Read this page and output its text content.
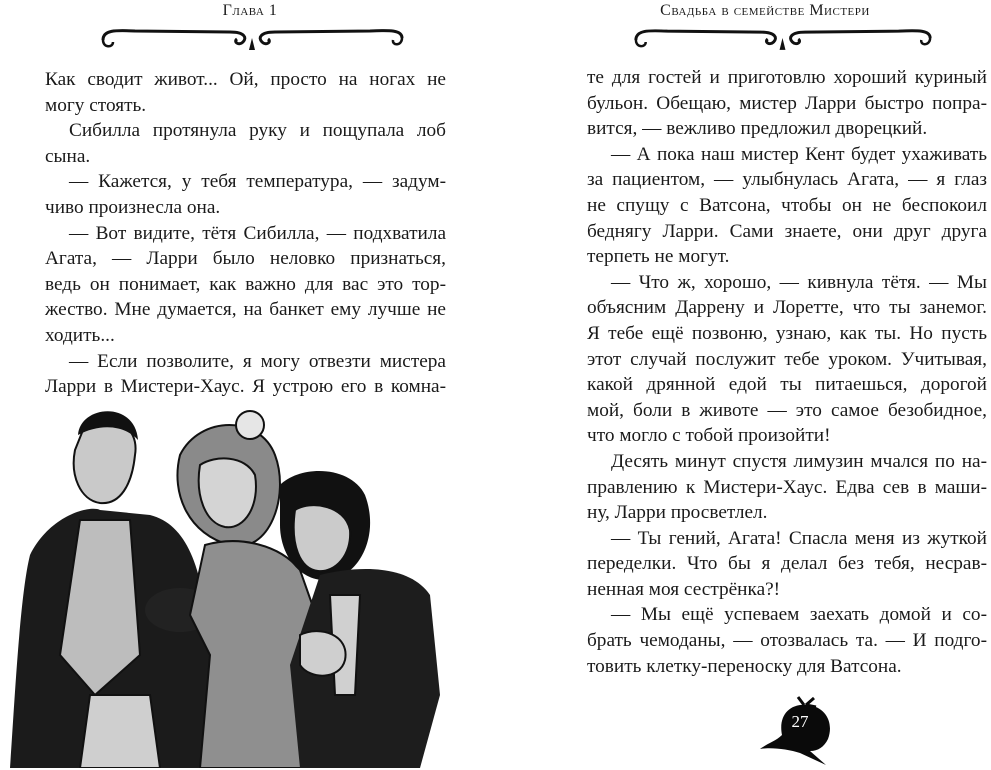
Глава 1
Как сводит живот... Ой, просто на ногах не
могу стоять.
Сибилла протянула руку и пощупала лоб
сына.
— Кажется, у тебя температура, — задум-
чиво произнесла она.
— Вот видите, тётя Сибилла, — подхватила
Агата, — Ларри было неловко признаться,
ведь он понимает, как важно для вас это тор-
жество. Мне думается, на банкет ему лучше не
ходить...
— Если позволите, я могу отвезти мистера
Ларри в Мистери-Хаус. Я устрою его в комна-
Свадьба в семействе Мистери
те для гостей и приготовлю хороший куриный
бульон. Обещаю, мистер Ларри быстро попра-
вится, — вежливо предложил дворецкий.
— А пока наш мистер Кент будет ухаживать
за пациентом, — улыбнулась Агата, — я глаз
не спущу с Ватсона, чтобы он не беспокоил
беднягу Ларри. Сами знаете, они друг друга
терпеть не могут.
— Что ж, хорошо, — кивнула тётя. — Мы
объясним Даррену и Лоретте, что ты занемог.
Я тебе ещё позвоню, узнаю, как ты. Но пусть
этот случай послужит тебе уроком. Учитывая,
какой дрянной едой ты питаешься, дорогой
мой, боли в животе — это самое безобидное,
что могло с тобой произойти!
Десять минут спустя лимузин мчался по на-
правлению к Мистери-Хаус. Едва сев в маши-
ну, Ларри просветлел.
— Ты гений, Агата! Спасла меня из жуткой
переделки. Что бы я делал без тебя, несрав-
ненная моя сестрёнка?!
— Мы ещё успеваем заехать домой и со-
брать чемоданы, — отозвалась та. — И подго-
товить клетку-переноску для Ватсона.
27
